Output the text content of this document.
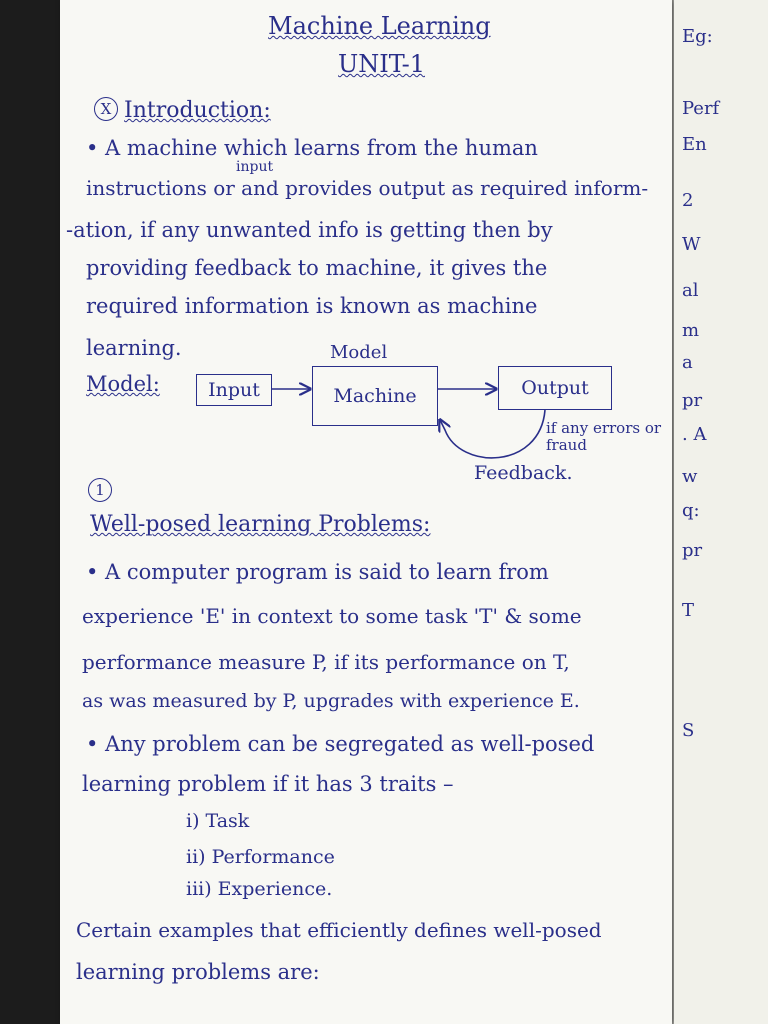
Machine Learning
UNIT-1
X Introduction:
• A machine which learns from the human
input
instructions or and provides output as required inform-
-ation, if any unwanted info is getting then by
providing feedback to machine, it gives the
required information is known as machine
learning.	Model
Model:	Input	Machine	Output
if any errors or fraud
Feedback.
1
Well-posed learning Problems:
• A computer program is said to learn from
experience 'E' in context to some task 'T' & some
performance measure P, if its performance on T,
as was measured by P, upgrades with experience E.
• Any problem can be segregated as well-posed
learning problem if it has 3 traits –
i) Task
ii) Performance
iii) Experience.
Certain examples that efficiently defines well-posed
learning problems are:
Eg:
Perf
En
2
W
al
m
a
pr
. A
w
q:
pr
T
S
